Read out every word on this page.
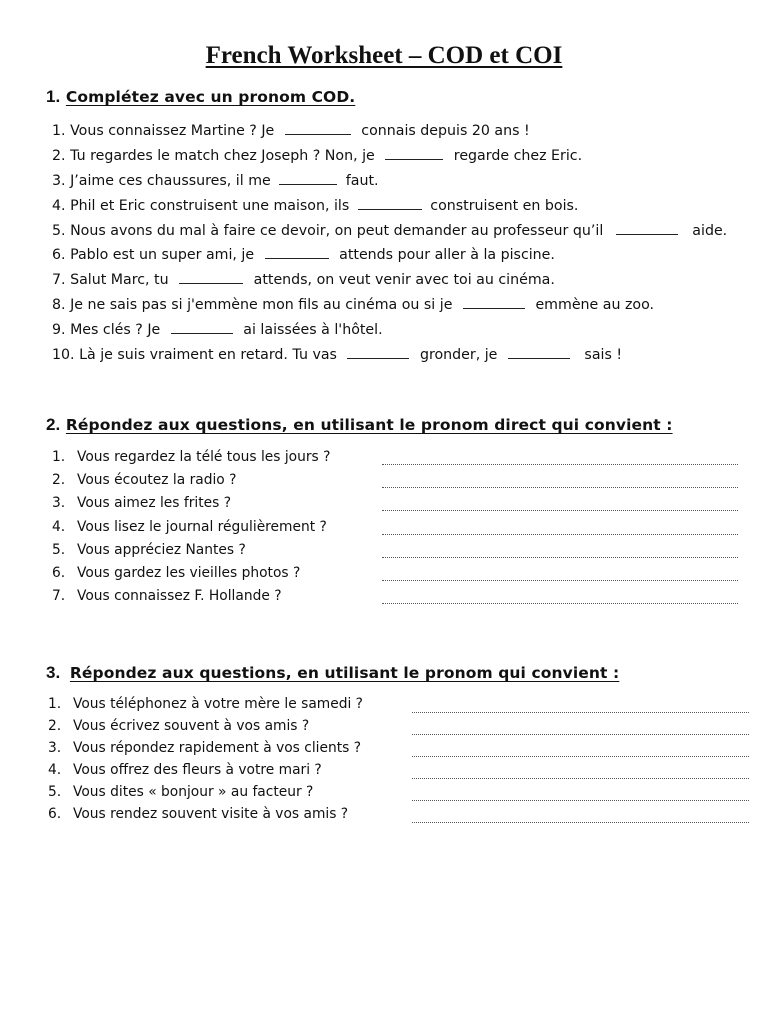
French Worksheet – COD et COI
1. Complétez avec un pronom COD.
1. Vous connaissez Martine ? Je	connais depuis 20 ans !
2. Tu regardes le match chez Joseph ? Non, je	regarde chez Eric.
3. J’aime ces chaussures, il me	faut.
4. Phil et Eric construisent une maison, ils	construisent en bois.
5. Nous avons du mal à faire ce devoir, on peut demander au professeur qu’il	aide.
6. Pablo est un super ami, je	attends pour aller à la piscine.
7. Salut Marc, tu	attends, on veut venir avec toi au cinéma.
8. Je ne sais pas si j'emmène mon fils au cinéma ou si je	emmène au zoo.
9. Mes clés ? Je	ai laissées à l'hôtel.
10. Là je suis vraiment en retard. Tu vas	gronder, je	sais !
2. Répondez aux questions, en utilisant le pronom direct qui convient :
1. Vous regardez la télé tous les jours ?
2. Vous écoutez la radio ?
3. Vous aimez les frites ?
4. Vous lisez le journal régulièrement ?
5. Vous appréciez Nantes ?
6. Vous gardez les vieilles photos ?
7. Vous connaissez F. Hollande ?
3. Répondez aux questions, en utilisant le pronom qui convient :
1. Vous téléphonez à votre mère le samedi ?
2. Vous écrivez souvent à vos amis ?
3. Vous répondez rapidement à vos clients ?
4. Vous offrez des fleurs à votre mari ?
5. Vous dites « bonjour » au facteur ?
6. Vous rendez souvent visite à vos amis ?
